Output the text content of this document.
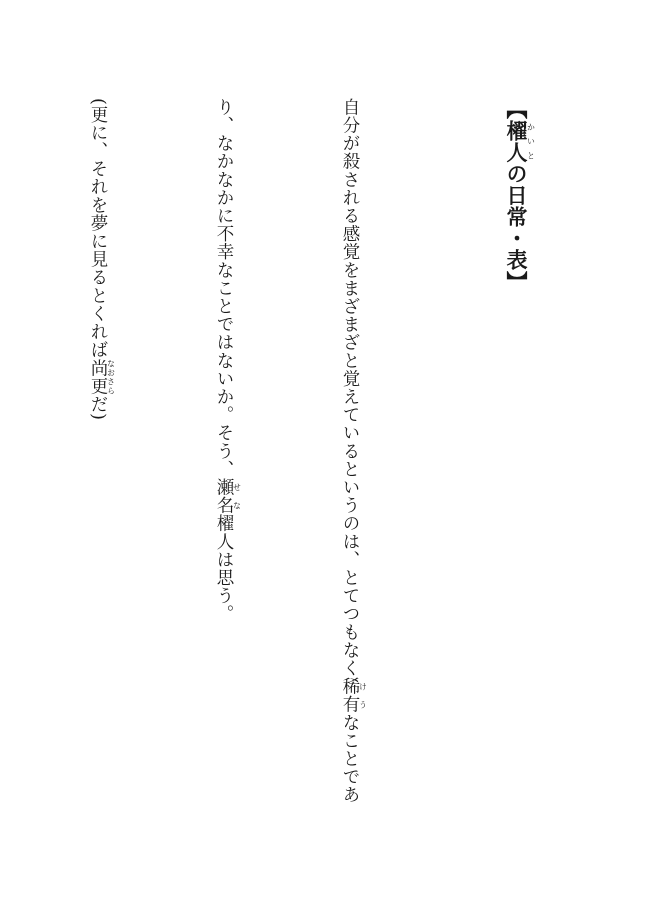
【櫂人かいとの日常・表】

自分が殺される感覚をまざまざと覚えているというのは、とてつもなく稀有けうなことであ

り、なかなかに不幸なことではないか。そう、瀬名せな櫂人は思う。

(更に、それを夢に見るとくれば尚更なおさらだ)
